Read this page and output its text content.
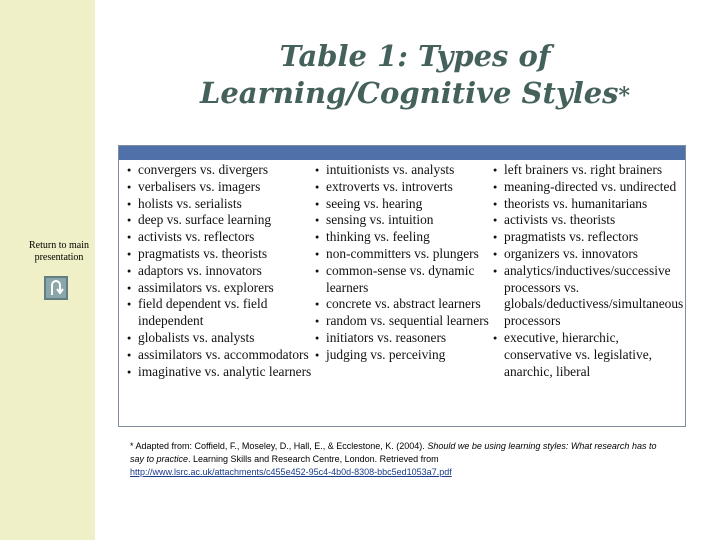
Table 1: Types of
Learning/Cognitive Styles*
Return to main presentation
● convergers vs. divergers
● verbalisers vs. imagers
● holists vs. serialists
● deep vs. surface learning
● activists vs. reflectors
● pragmatists vs. theorists
● adaptors vs. innovators
● assimilators vs. explorers
● field dependent vs. field independent
● globalists vs. analysts
● assimilators vs. accommodators
● imaginative vs. analytic learners
● intuitionists vs. analysts
● extroverts vs. introverts
● seeing vs. hearing
● sensing vs. intuition
● thinking vs. feeling
● non-committers vs. plungers
● common-sense vs. dynamic learners
● concrete vs. abstract learners
● random vs. sequential learners
● initiators vs. reasoners
● judging vs. perceiving
● left brainers vs. right brainers
● meaning-directed vs. undirected
● theorists vs. humanitarians
● activists vs. theorists
● pragmatists vs. reflectors
● organizers vs. innovators
● analytics/inductives/successive processors vs. globals/deductivess/simultaneous processors
● executive, hierarchic, conservative vs. legislative, anarchic, liberal
* Adapted from: Coffield, F., Moseley, D., Hall, E., & Ecclestone, K. (2004). Should we be using learning styles: What research has to say to practice. Learning Skills and Research Centre, London. Retrieved from
http://www.lsrc.ac.uk/attachments/c455e452-95c4-4b0d-8308-bbc5ed1053a7.pdf
